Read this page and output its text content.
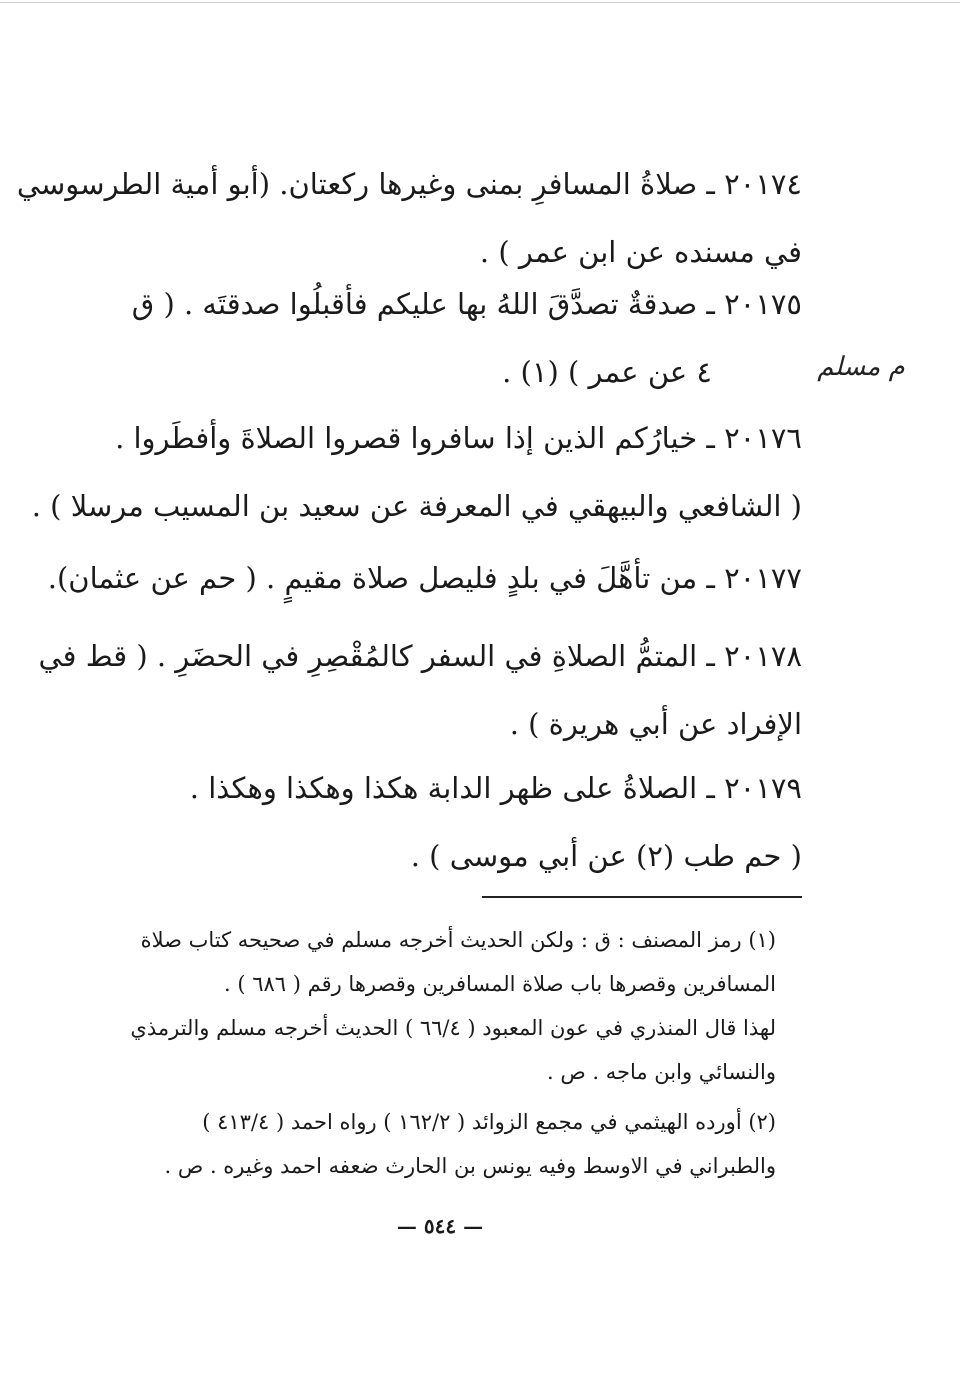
٢٠١٧٤ ـ صلاةُ المسافرِ بمنى وغيرها ركعتان. (أبو أمية الطرسوسي
في مسنده عن ابن عمر ) .
٢٠١٧٥ ـ صدقةٌ تصدَّقَ اللهُ بها عليكم فأقبلُوا صدقتَه . ( ق
٤ عن عمر ) (١) .	م مسلم
٢٠١٧٦ ـ خيارُكم الذين إذا سافروا قصروا الصلاةَ وأفطَروا .
( الشافعي والبيهقي في المعرفة عن سعيد بن المسيب مرسلا ) .
٢٠١٧٧ ـ من تأهَّلَ في بلدٍ فليصل صلاة مقيمٍ . ( حم عن عثمان).
٢٠١٧٨ ـ المتمُّ الصلاةِ في السفر كالمُقْصِرِ في الحضَرِ . ( قط في
الإفراد عن أبي هريرة ) .
٢٠١٧٩ ـ الصلاةُ على ظهر الدابة هكذا وهكذا وهكذا .
( حم طب (٢) عن أبي موسى ) .
(١) رمز المصنف : ق : ولكن الحديث أخرجه مسلم في صحيحه كتاب صلاة
المسافرين وقصرها باب صلاة المسافرين وقصرها رقم ( ٦٨٦ ) .
لهذا قال المنذري في عون المعبود ( ٦٦/٤ ) الحديث أخرجه مسلم والترمذي
والنسائي وابن ماجه . ص .
(٢) أورده الهيثمي في مجمع الزوائد ( ١٦٢/٢ ) رواه احمد ( ٤١٣/٤ )
والطبراني في الاوسط وفيه يونس بن الحارث ضعفه احمد وغيره . ص .
— ٥٤٤ —
